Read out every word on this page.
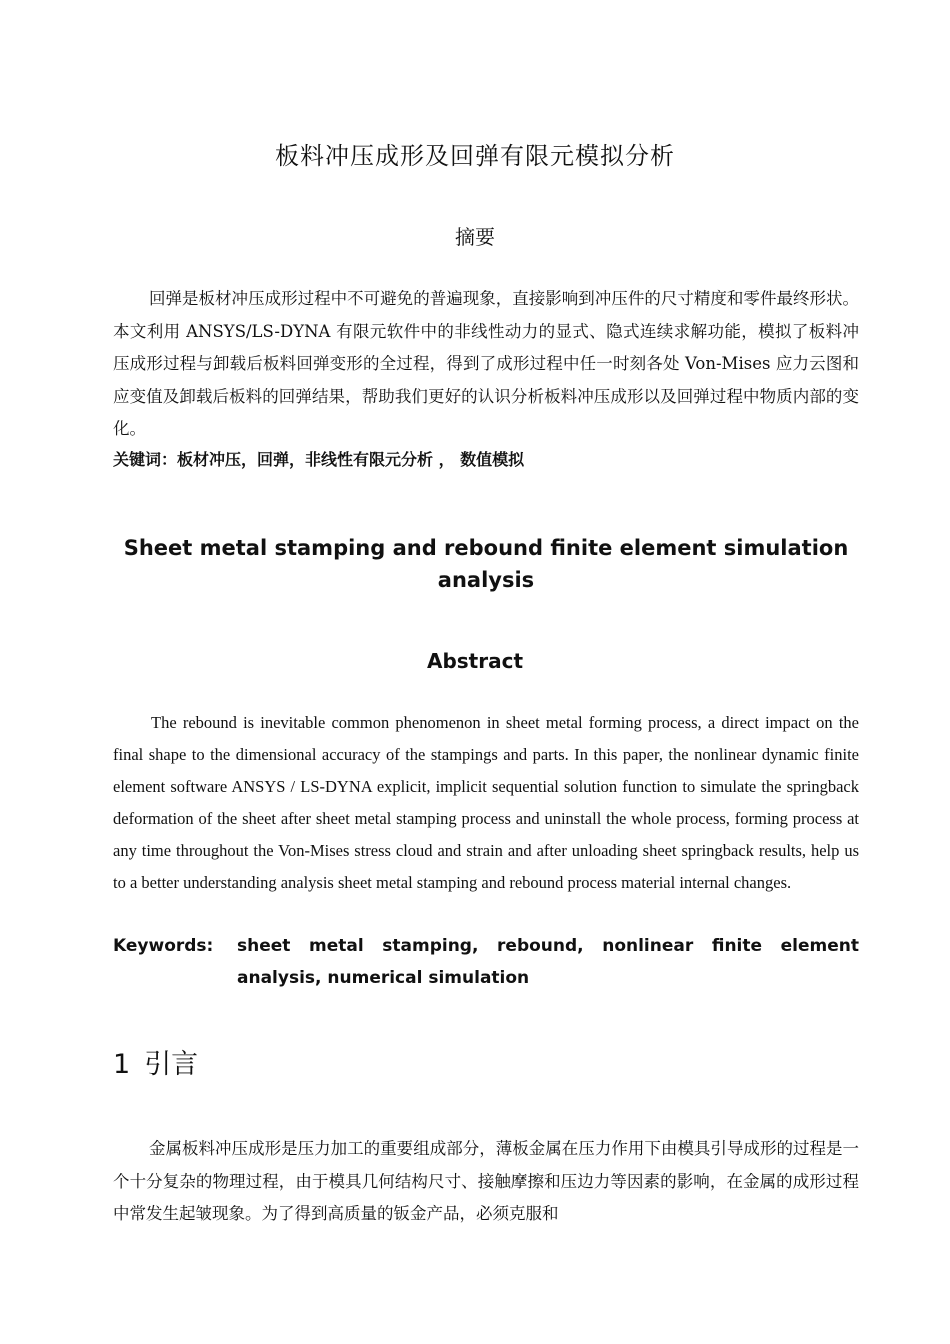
板料冲压成形及回弹有限元模拟分析
摘要

回弹是板材冲压成形过程中不可避免的普遍现象，直接影响到冲压件的尺寸精度和零件最终形状。本文利用 ANSYS/LS-DYNA 有限元软件中的非线性动力的显式、隐式连续求解功能，模拟了板料冲压成形过程与卸载后板料回弹变形的全过程，得到了成形过程中任一时刻各处 Von-Mises 应力云图和应变值及卸载后板料的回弹结果，帮助我们更好的认识分析板料冲压成形以及回弹过程中物质内部的变化。

关键词：板材冲压，回弹，非线性有限元分析 ， 数值模拟
Sheet metal stamping and rebound finite element simulation analysis
Abstract

The rebound is inevitable common phenomenon in sheet metal forming process, a direct impact on the final shape to the dimensional accuracy of the stampings and parts. In this paper, the nonlinear dynamic finite element software ANSYS / LS-DYNA explicit, implicit sequential solution function to simulate the springback deformation of the sheet after sheet metal stamping process and uninstall the whole process, forming process at any time throughout the Von-Mises stress cloud and strain and after unloading sheet springback results, help us to a better understanding analysis sheet metal stamping and rebound process material internal changes.

Keywords:	sheet metal stamping, rebound, nonlinear finite element analysis, numerical simulation
1 引言

金属板料冲压成形是压力加工的重要组成部分，薄板金属在压力作用下由模具引导成形的过程是一个十分复杂的物理过程，由于模具几何结构尺寸、接触摩擦和压边力等因素的影响，在金属的成形过程中常发生起皱现象。为了得到高质量的钣金产品，必须克服和
